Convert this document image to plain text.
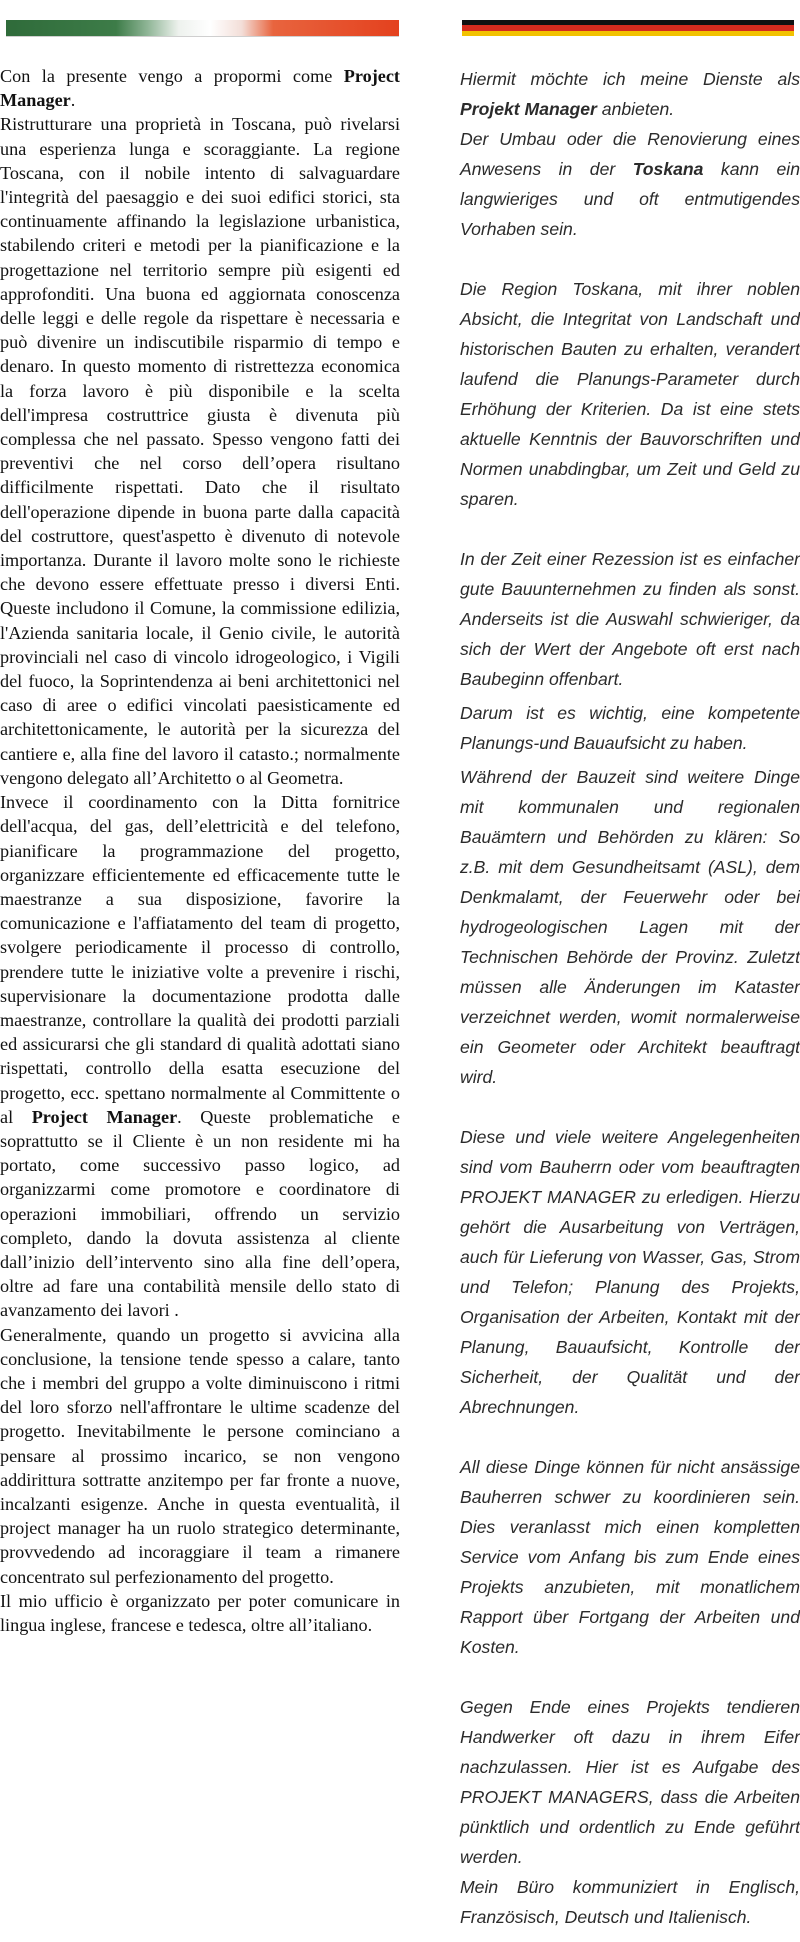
Con la presente vengo a propormi come Project Manager.

Ristrutturare una proprietà in Toscana, può rivelarsi una esperienza lunga e scoraggiante. La regione Toscana, con il nobile intento di salvaguardare l'integrità del paesaggio e dei suoi edifici storici, sta continuamente affinando la legislazione urbanistica, stabilendo criteri e metodi per la pianificazione e la progettazione nel territorio sempre più esigenti ed approfonditi. Una buona ed aggiornata conoscenza delle leggi e delle regole da rispettare è necessaria e può divenire un indiscutibile risparmio di tempo e denaro. In questo momento di ristrettezza economica la forza lavoro è più disponibile e la scelta dell'impresa costruttrice giusta è divenuta più complessa che nel passato. Spesso vengono fatti dei preventivi che nel corso dell’opera risultano difficilmente rispettati. Dato che il risultato dell'operazione dipende in buona parte dalla capacità del costruttore, quest'aspetto è divenuto di notevole importanza. Durante il lavoro molte sono le richieste che devono essere effettuate presso i diversi Enti. Queste includono il Comune, la commissione edilizia, l'Azienda sanitaria locale, il Genio civile, le autorità provinciali nel caso di vincolo idrogeologico, i Vigili del fuoco, la Soprintendenza ai beni architettonici nel caso di aree o edifici vincolati paesisticamente ed architettonicamente, le autorità per la sicurezza del cantiere e, alla fine del lavoro il catasto.; normalmente vengono delegato all’Architetto o al Geometra.

Invece il coordinamento con la Ditta fornitrice dell'acqua, del gas, dell’elettricità e del telefono, pianificare la programmazione del progetto, organizzare efficientemente ed efficacemente tutte le maestranze a sua disposizione, favorire la comunicazione e l'affiatamento del team di progetto, svolgere periodicamente il processo di controllo, prendere tutte le iniziative volte a prevenire i rischi, supervisionare la documentazione prodotta dalle maestranze, controllare la qualità dei prodotti parziali ed assicurarsi che gli standard di qualità adottati siano rispettati, controllo della esatta esecuzione del progetto, ecc. spettano normalmente al Committente o al Project Manager. Queste problematiche e soprattutto se il Cliente è un non residente mi ha portato, come successivo passo logico, ad organizzarmi come promotore e coordinatore di operazioni immobiliari, offrendo un servizio completo, dando la dovuta assistenza al cliente dall’inizio dell’intervento sino alla fine dell’opera, oltre ad fare una contabilità mensile dello stato di avanzamento dei lavori .

Generalmente, quando un progetto si avvicina alla conclusione, la tensione tende spesso a calare, tanto che i membri del gruppo a volte diminuiscono i ritmi del loro sforzo nell'affrontare le ultime scadenze del progetto. Inevitabilmente le persone cominciano a pensare al prossimo incarico, se non vengono addirittura sottratte anzitempo per far fronte a nuove, incalzanti esigenze. Anche in questa eventualità, il project manager ha un ruolo strategico determinante, provvedendo ad incoraggiare il team a rimanere concentrato sul perfezionamento del progetto.

Il mio ufficio è organizzato per poter comunicare in lingua inglese, francese e tedesca, oltre all’italiano.

Hiermit möchte ich meine Dienste als Projekt Manager anbieten.

Der Umbau oder die Renovierung eines Anwesens in der Toskana kann ein langwieriges und oft entmutigendes Vorhaben sein.

Die Region Toskana, mit ihrer noblen Absicht, die Integritat von Landschaft und historischen Bauten zu erhalten, verandert laufend die Planungs-Parameter durch Erhöhung der Kriterien. Da ist eine stets aktuelle Kenntnis der Bauvorschriften und Normen unabdingbar, um Zeit und Geld zu sparen.

In der Zeit einer Rezession ist es einfacher gute Bauunternehmen zu finden als sonst. Anderseits ist die Auswahl schwieriger, da sich der Wert der Angebote oft erst nach Baubeginn offenbart.

Darum ist es wichtig, eine kompetente Planungs-und Bauaufsicht zu haben.

Während der Bauzeit sind weitere Dinge mit kommunalen und regionalen Bauämtern und Behörden zu klären: So z.B. mit dem Gesundheitsamt (ASL), dem Denkmalamt, der Feuerwehr oder bei hydrogeologischen Lagen mit der Technischen Behörde der Provinz. Zuletzt müssen alle Änderungen im Kataster verzeichnet werden, womit normalerweise ein Geometer oder Architekt beauftragt wird.

Diese und viele weitere Angelegenheiten sind vom Bauherrn oder vom beauftragten PROJEKT MANAGER zu erledigen. Hierzu gehört die Ausarbeitung von Verträgen, auch für Lieferung von Wasser, Gas, Strom und Telefon; Planung des Projekts, Organisation der Arbeiten, Kontakt mit der Planung, Bauaufsicht, Kontrolle der Sicherheit, der Qualität und der Abrechnungen.

All diese Dinge können für nicht ansässige Bauherren schwer zu koordinieren sein. Dies veranlasst mich einen kompletten Service vom Anfang bis zum Ende eines Projekts anzubieten, mit monatlichem Rapport über Fortgang der Arbeiten und Kosten.

Gegen Ende eines Projekts tendieren Handwerker oft dazu in ihrem Eifer nachzulassen. Hier ist es Aufgabe des PROJEKT MANAGERS, dass die Arbeiten pünktlich und ordentlich zu Ende geführt werden.

Mein Büro kommuniziert in Englisch, Französisch, Deutsch und Italienisch.
